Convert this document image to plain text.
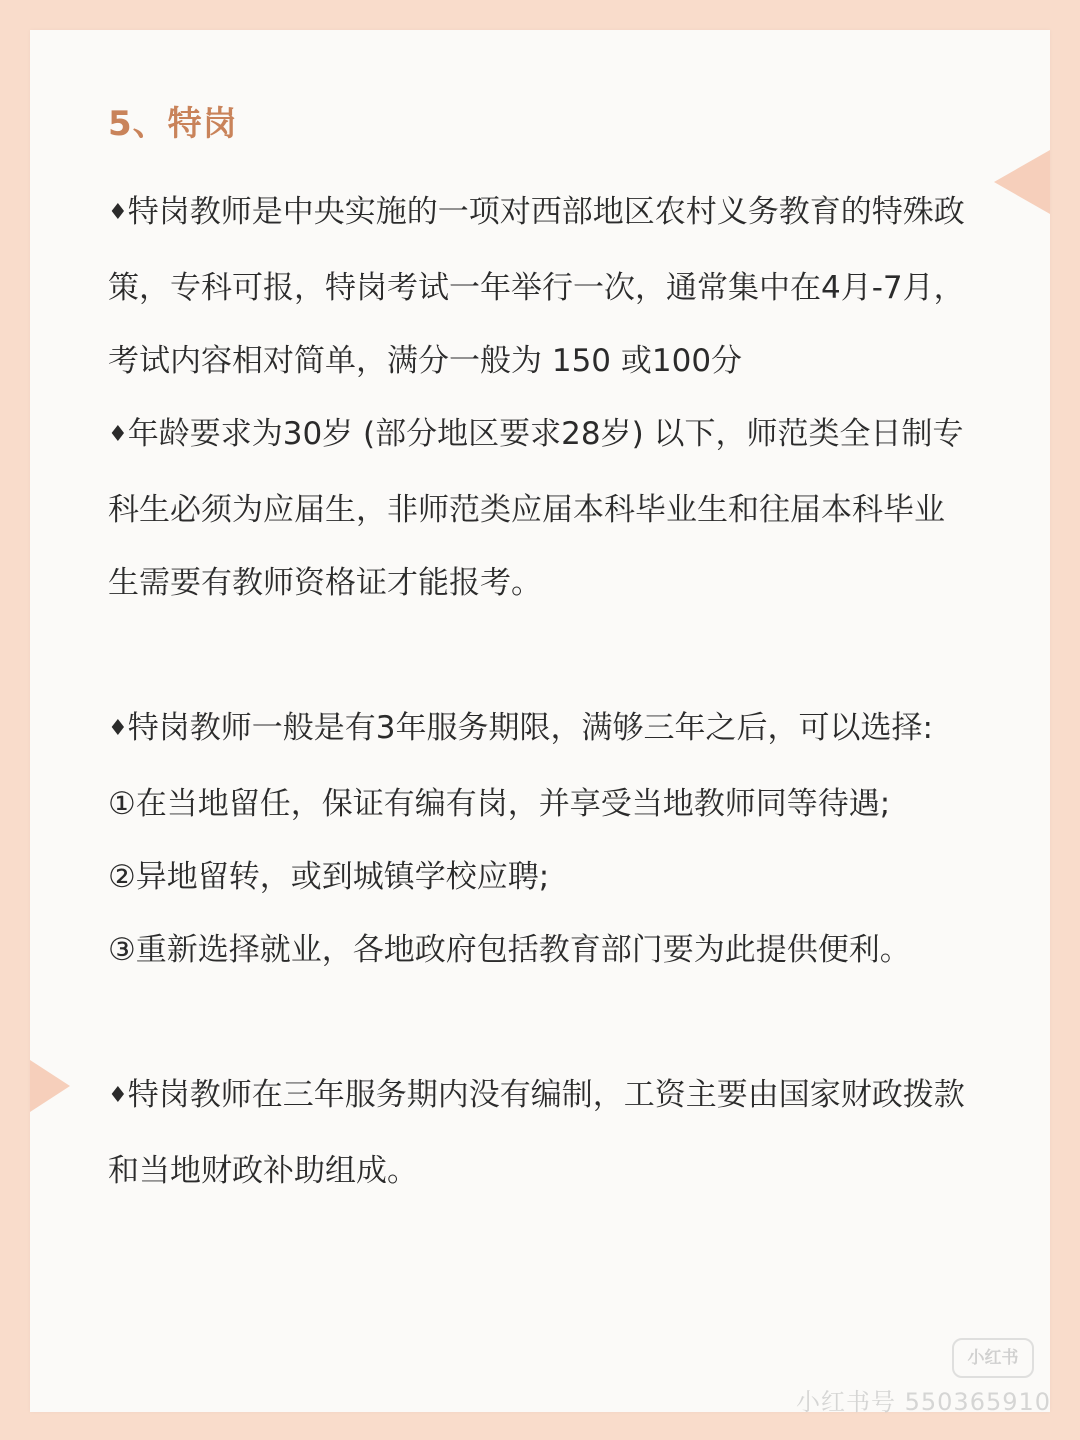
5、特岗

♦特岗教师是中央实施的一项对西部地区农村义务教育的特殊政策，专科可报，特岗考试一年举行一次，通常集中在4月-7月，考试内容相对简单，满分一般为 150 或100分

♦年龄要求为30岁 (部分地区要求28岁) 以下，师范类全日制专科生必须为应届生，非师范类应届本科毕业生和往届本科毕业生需要有教师资格证才能报考。

♦特岗教师一般是有3年服务期限，满够三年之后，可以选择:

①在当地留任，保证有编有岗，并享受当地教师同等待遇;

②异地留转，或到城镇学校应聘;

③重新选择就业，各地政府包括教育部门要为此提供便利。

♦特岗教师在三年服务期内没有编制，工资主要由国家财政拨款和当地财政补助组成。

小红书
小红书号 550365910
